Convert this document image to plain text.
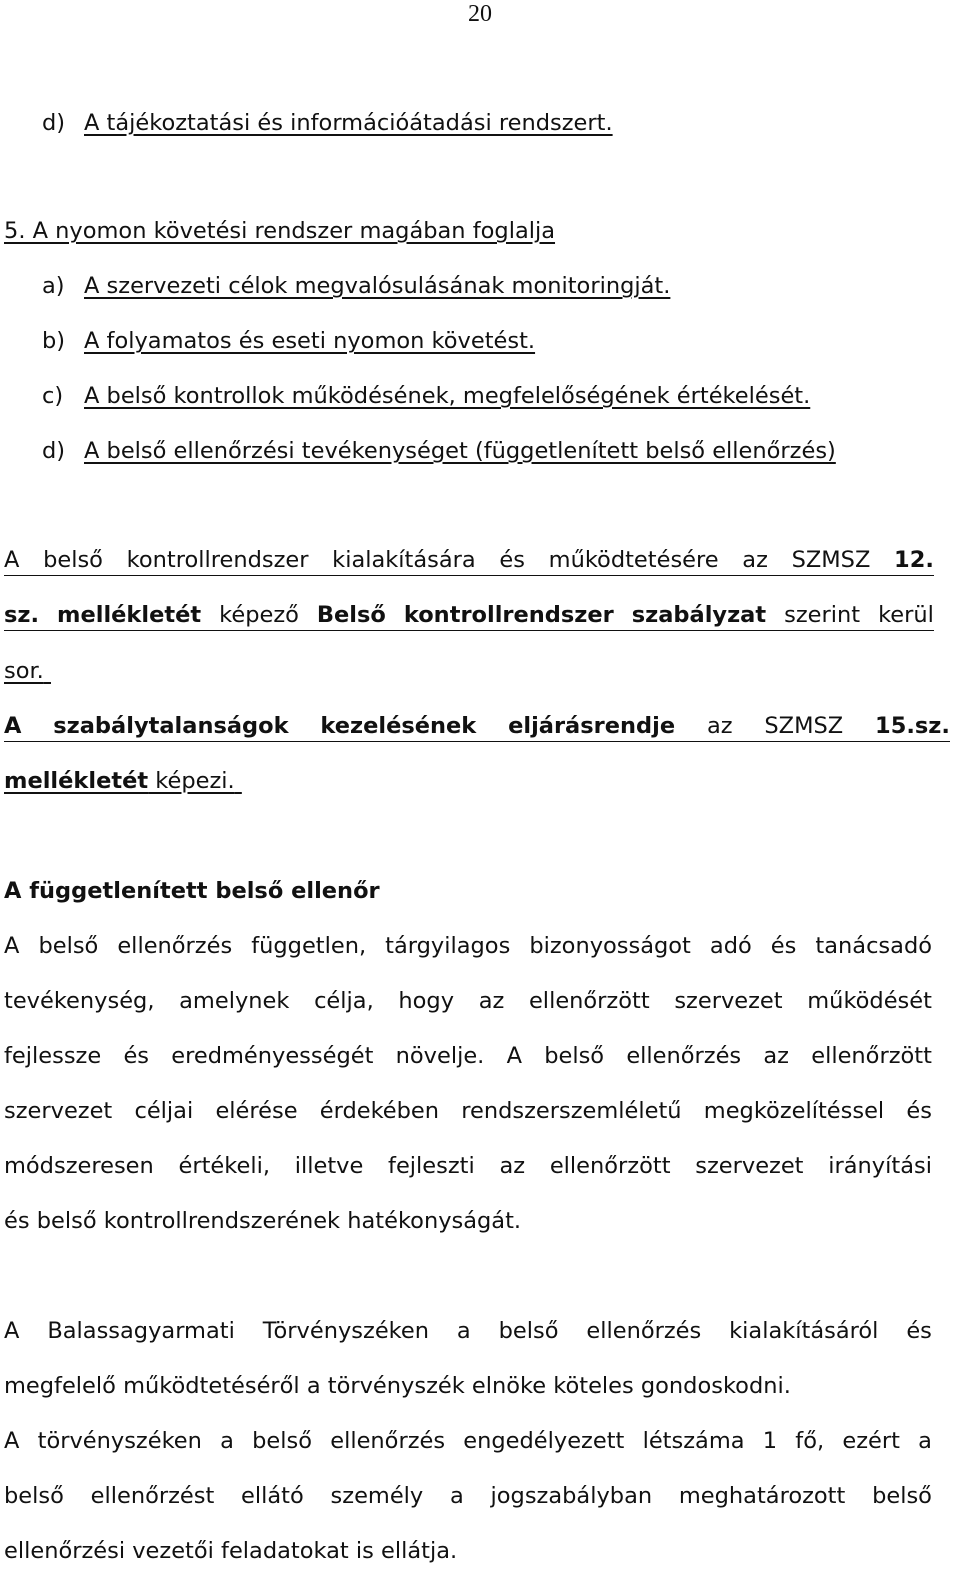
20
d) A tájékoztatási és információátadási rendszert.
5. A nyomon követési rendszer magában foglalja
a) A szervezeti célok megvalósulásának monitoringját.
b) A folyamatos és eseti nyomon követést.
c) A belső kontrollok működésének, megfelelőségének értékelését.
d) A belső ellenőrzési tevékenységet (függetlenített belső ellenőrzés)
A belső kontrollrendszer kialakítására és működtetésére az SZMSZ 12.
sz. mellékletét képező Belső kontrollrendszer szabályzat szerint kerül
sor.
A szabálytalanságok kezelésének eljárásrendje az SZMSZ 15.sz.
mellékletét képezi.
A függetlenített belső ellenőr
A belső ellenőrzés független, tárgyilagos bizonyosságot adó és tanácsadó
tevékenység, amelynek célja, hogy az ellenőrzött szervezet működését
fejlessze és eredményességét növelje. A belső ellenőrzés az ellenőrzött
szervezet céljai elérése érdekében rendszerszemléletű megközelítéssel és
módszeresen értékeli, illetve fejleszti az ellenőrzött szervezet irányítási
és belső kontrollrendszerének hatékonyságát.
A Balassagyarmati Törvényszéken a belső ellenőrzés kialakításáról és
megfelelő működtetéséről a törvényszék elnöke köteles gondoskodni.
A törvényszéken a belső ellenőrzés engedélyezett létszáma 1 fő, ezért a
belső ellenőrzést ellátó személy a jogszabályban meghatározott belső
ellenőrzési vezetői feladatokat is ellátja.
